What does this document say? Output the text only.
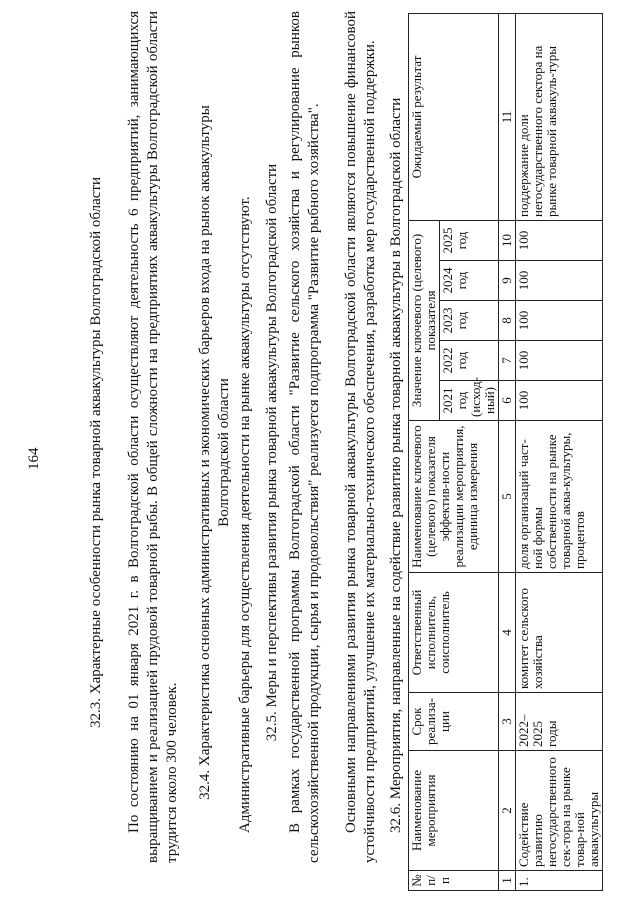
164	32.3. Характерные особенности рынка товарной аквакультуры Волгоградской области По состоянию на 01 января 2021 г. в Волгоградской области осуществляют деятельность 6 предприятий, занимающихся выращиванием и реализацией прудовой товарной рыбы. В общей сложности на предприятиях аквакультуры Волгоградской области трудится около 300 человек. 32.4. Характеристика основных административных и экономических барьеров входа на рынок аквакультуры Волгоградской области Административные барьеры для осуществления деятельности на рынке аквакультуры отсутствуют. 32.5. Меры и перспективы развития рынка товарной аквакультуры Волгоградской области В рамках государственной программы Волгоградской области "Развитие сельского хозяйства и регулирование рынков сельскохозяйственной продукции, сырья и продовольствия" реализуется подпрограмма "Развитие рыбного хозяйства". Основными направлениями развития рынка товарной аквакультуры Волгоградской области являются повышение финансовой устойчивости предприятий, улучшение их материально-технического обеспечения, разработка мер государственной поддержки. 32.6. Мероприятия, направленные на содействие развитию рынка товарной аквакультуры в Волгоградской области
№ п/п	Наименование мероприятия	Срок реализа-ции	Ответственный исполнитель, соисполнитель	Наименование ключевого (целевого) показателя эффектив-ности реализации мероприятия, единица измерения	Значение ключевого (целевого) показателя					Ожидаемый результат
					2021 год (исход-ный)	2022 год	2023 год	2024 год	2025 год	
1	2	3	4	5	6	7	8	9	10	11
1.	Содействие развитию негосударственного сек-тора на рынке товар-ной аквакультуры	2022–2025 годы	комитет сельского хозяйства	доля организаций част-ной формы собственности на рынке товарной аква-культуры, процентов	100	100	100	100	100	поддержание доли негосударственного сектора на рынке товарной аквакуль-туры
